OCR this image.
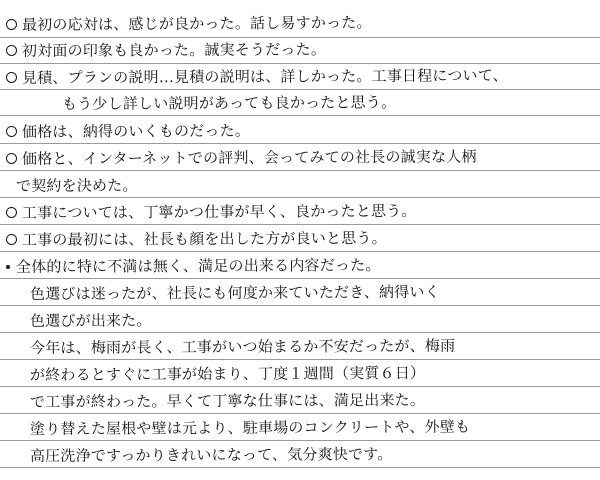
最初の応対は、感じが良かった。話し易すかった。
初対面の印象も良かった。誠実そうだった。
見積、プランの説明…見積の説明は、詳しかった。工事日程について、
もう少し詳しい説明があっても良かったと思う。
価格は、納得のいくものだった。
価格と、インターネットでの評判、会ってみての社長の誠実な人柄
で契約を決めた。
工事については、丁寧かつ仕事が早く、良かったと思う。
工事の最初には、社長も顔を出した方が良いと思う。
全体的に特に不満は無く、満足の出来る内容だった。
色選びは迷ったが、社長にも何度か来ていただき、納得いく
色選びが出来た。
今年は、梅雨が長く、工事がいつ始まるか不安だったが、梅雨
が終わるとすぐに工事が始まり、丁度１週間（実質６日）
で工事が終わった。早くて丁寧な仕事には、満足出来た。
塗り替えた屋根や壁は元より、駐車場のコンクリートや、外壁も
高圧洗浄ですっかりきれいになって、気分爽快です。
